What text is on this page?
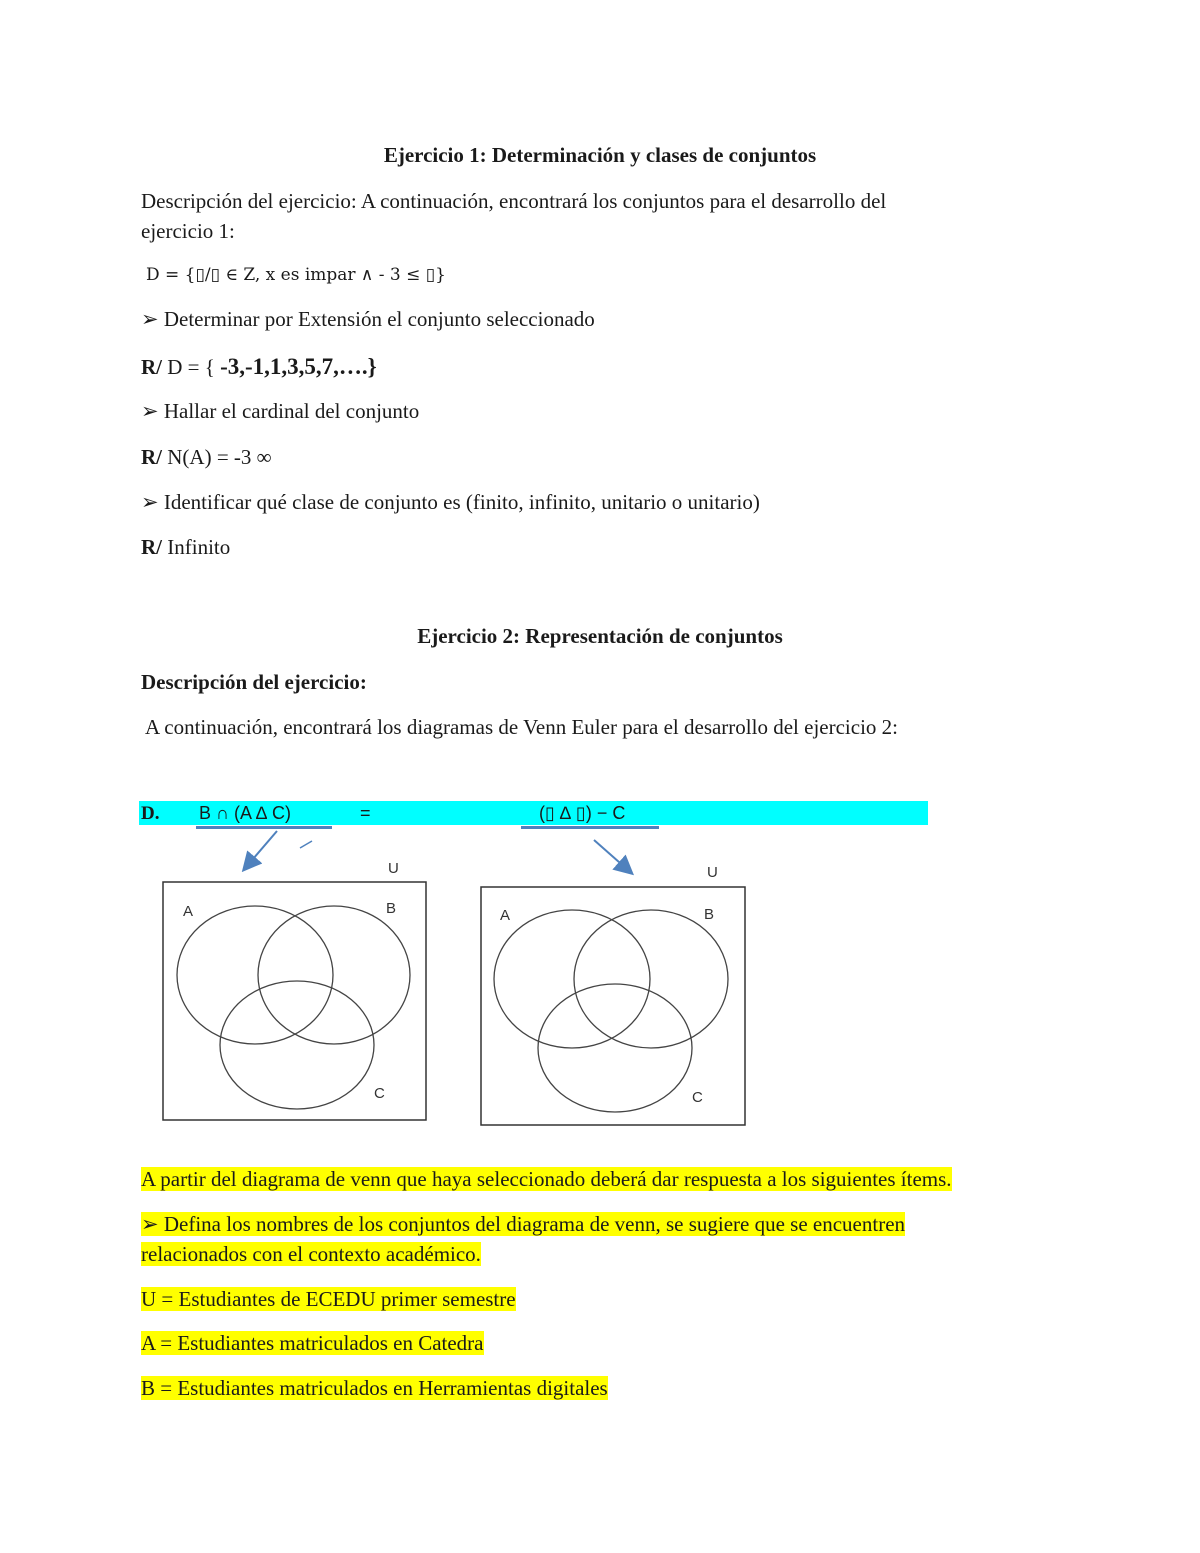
Ejercicio 1: Determinación y clases de conjuntos
Descripción del ejercicio: A continuación, encontrará los conjuntos para el desarrollo del
ejercicio 1:
D = {▯/▯ ∈ Z, x es impar ∧ - 3 ≤ ▯}
➢ Determinar por Extensión el conjunto seleccionado
R/ D = { -3,-1,1,3,5,7,….}
➢ Hallar el cardinal del conjunto
R/ N(A) = -3 ∞
➢ Identificar qué clase de conjunto es (finito, infinito, unitario o unitario)
R/ Infinito
Ejercicio 2: Representación de conjuntos
Descripción del ejercicio:
A continuación, encontrará los diagramas de Venn Euler para el desarrollo del ejercicio 2:
D. B ∩ (A ∆ C)	=	(▯ ∆ ▯) − C
U
A	B
C
U
A	B
C
A partir del diagrama de venn que haya seleccionado deberá dar respuesta a los siguientes ítems.
➢ Defina los nombres de los conjuntos del diagrama de venn, se sugiere que se encuentren
relacionados con el contexto académico.
U = Estudiantes de ECEDU primer semestre
A = Estudiantes matriculados en Catedra
B = Estudiantes matriculados en Herramientas digitales
